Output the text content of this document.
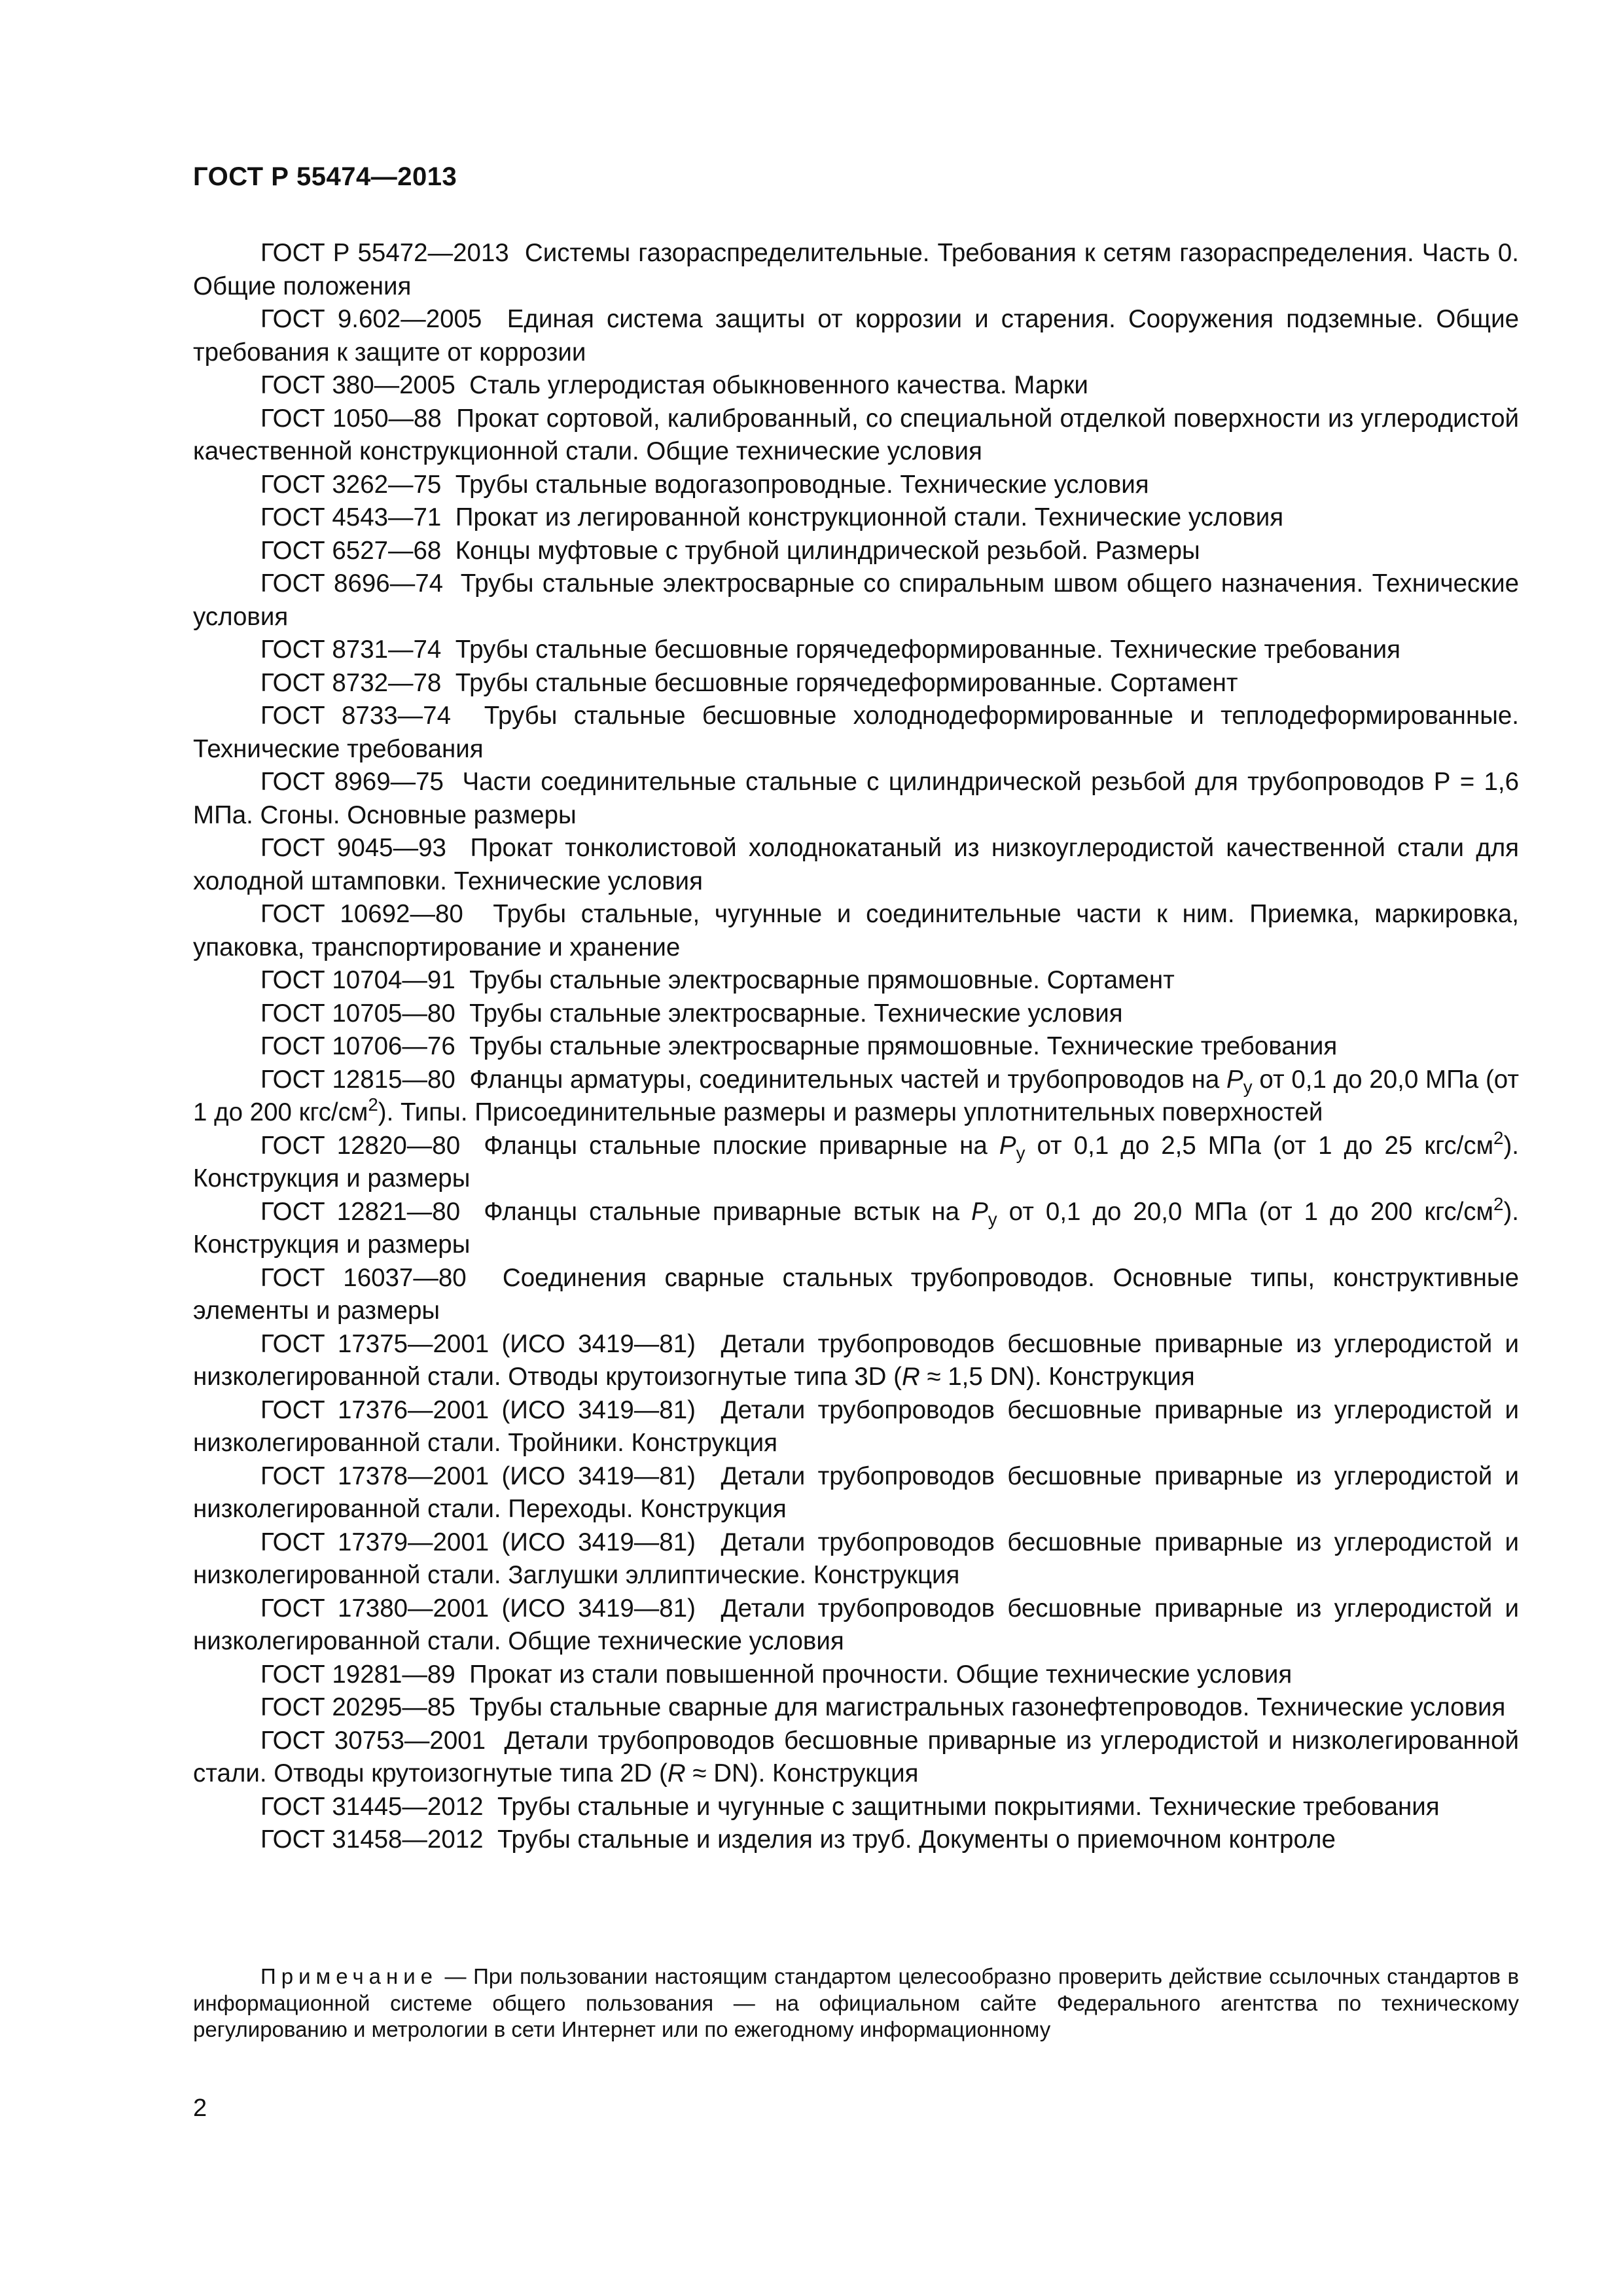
ГОСТ Р 55474—2013

ГОСТ Р 55472—2013 Системы газораспределительные. Требования к сетям газораспределения. Часть 0. Общие положения

ГОСТ 9.602—2005 Единая система защиты от коррозии и старения. Сооружения подземные. Общие требования к защите от коррозии

ГОСТ 380—2005 Сталь углеродистая обыкновенного качества. Марки

ГОСТ 1050—88 Прокат сортовой, калиброванный, со специальной отделкой поверхности из углеродистой качественной конструкционной стали. Общие технические условия

ГОСТ 3262—75 Трубы стальные водогазопроводные. Технические условия

ГОСТ 4543—71 Прокат из легированной конструкционной стали. Технические условия

ГОСТ 6527—68 Концы муфтовые с трубной цилиндрической резьбой. Размеры

ГОСТ 8696—74 Трубы стальные электросварные со спиральным швом общего назначения. Технические условия

ГОСТ 8731—74 Трубы стальные бесшовные горячедеформированные. Технические требования

ГОСТ 8732—78 Трубы стальные бесшовные горячедеформированные. Сортамент

ГОСТ 8733—74 Трубы стальные бесшовные холоднодеформированные и теплодеформированные. Технические требования

ГОСТ 8969—75 Части соединительные стальные с цилиндрической резьбой для трубопроводов Р = 1,6 МПа. Сгоны. Основные размеры

ГОСТ 9045—93 Прокат тонколистовой холоднокатаный из низкоуглеродистой качественной стали для холодной штамповки. Технические условия

ГОСТ 10692—80 Трубы стальные, чугунные и соединительные части к ним. Приемка, маркировка, упаковка, транспортирование и хранение

ГОСТ 10704—91 Трубы стальные электросварные прямошовные. Сортамент

ГОСТ 10705—80 Трубы стальные электросварные. Технические условия

ГОСТ 10706—76 Трубы стальные электросварные прямошовные. Технические требования

ГОСТ 12815—80 Фланцы арматуры, соединительных частей и трубопроводов на $P_у$ от 0,1 до 20,0 МПа (от 1 до 200 кгс/$см^2$). Типы. Присоединительные размеры и размеры уплотнительных поверхностей

ГОСТ 12820—80 Фланцы стальные плоские приварные на $P_у$ от 0,1 до 2,5 МПа (от 1 до 25 кгс/$см^2$). Конструкция и размеры

ГОСТ 12821—80 Фланцы стальные приварные встык на $P_у$ от 0,1 до 20,0 МПа (от 1 до 200 кгс/$см^2$). Конструкция и размеры

ГОСТ 16037—80 Соединения сварные стальных трубопроводов. Основные типы, конструктивные элементы и размеры

ГОСТ 17375—2001 (ИСО 3419—81) Детали трубопроводов бесшовные приварные из углеродистой и низколегированной стали. Отводы крутоизогнутые типа 3D (R ≈ 1,5 DN). Конструкция

ГОСТ 17376—2001 (ИСО 3419—81) Детали трубопроводов бесшовные приварные из углеродистой и низколегированной стали. Тройники. Конструкция

ГОСТ 17378—2001 (ИСО 3419—81) Детали трубопроводов бесшовные приварные из углеродистой и низколегированной стали. Переходы. Конструкция

ГОСТ 17379—2001 (ИСО 3419—81) Детали трубопроводов бесшовные приварные из углеродистой и низколегированной стали. Заглушки эллиптические. Конструкция

ГОСТ 17380—2001 (ИСО 3419—81) Детали трубопроводов бесшовные приварные из углеродистой и низколегированной стали. Общие технические условия

ГОСТ 19281—89 Прокат из стали повышенной прочности. Общие технические условия

ГОСТ 20295—85 Трубы стальные сварные для магистральных газонефтепроводов. Технические условия

ГОСТ 30753—2001 Детали трубопроводов бесшовные приварные из углеродистой и низколегированной стали. Отводы крутоизогнутые типа 2D (R ≈ DN). Конструкция

ГОСТ 31445—2012 Трубы стальные и чугунные с защитными покрытиями. Технические требования

ГОСТ 31458—2012 Трубы стальные и изделия из труб. Документы о приемочном контроле

Примечание — При пользовании настоящим стандартом целесообразно проверить действие ссылочных стандартов в информационной системе общего пользования — на официальном сайте Федерального агентства по техническому регулированию и метрологии в сети Интернет или по ежегодному информационному
2
